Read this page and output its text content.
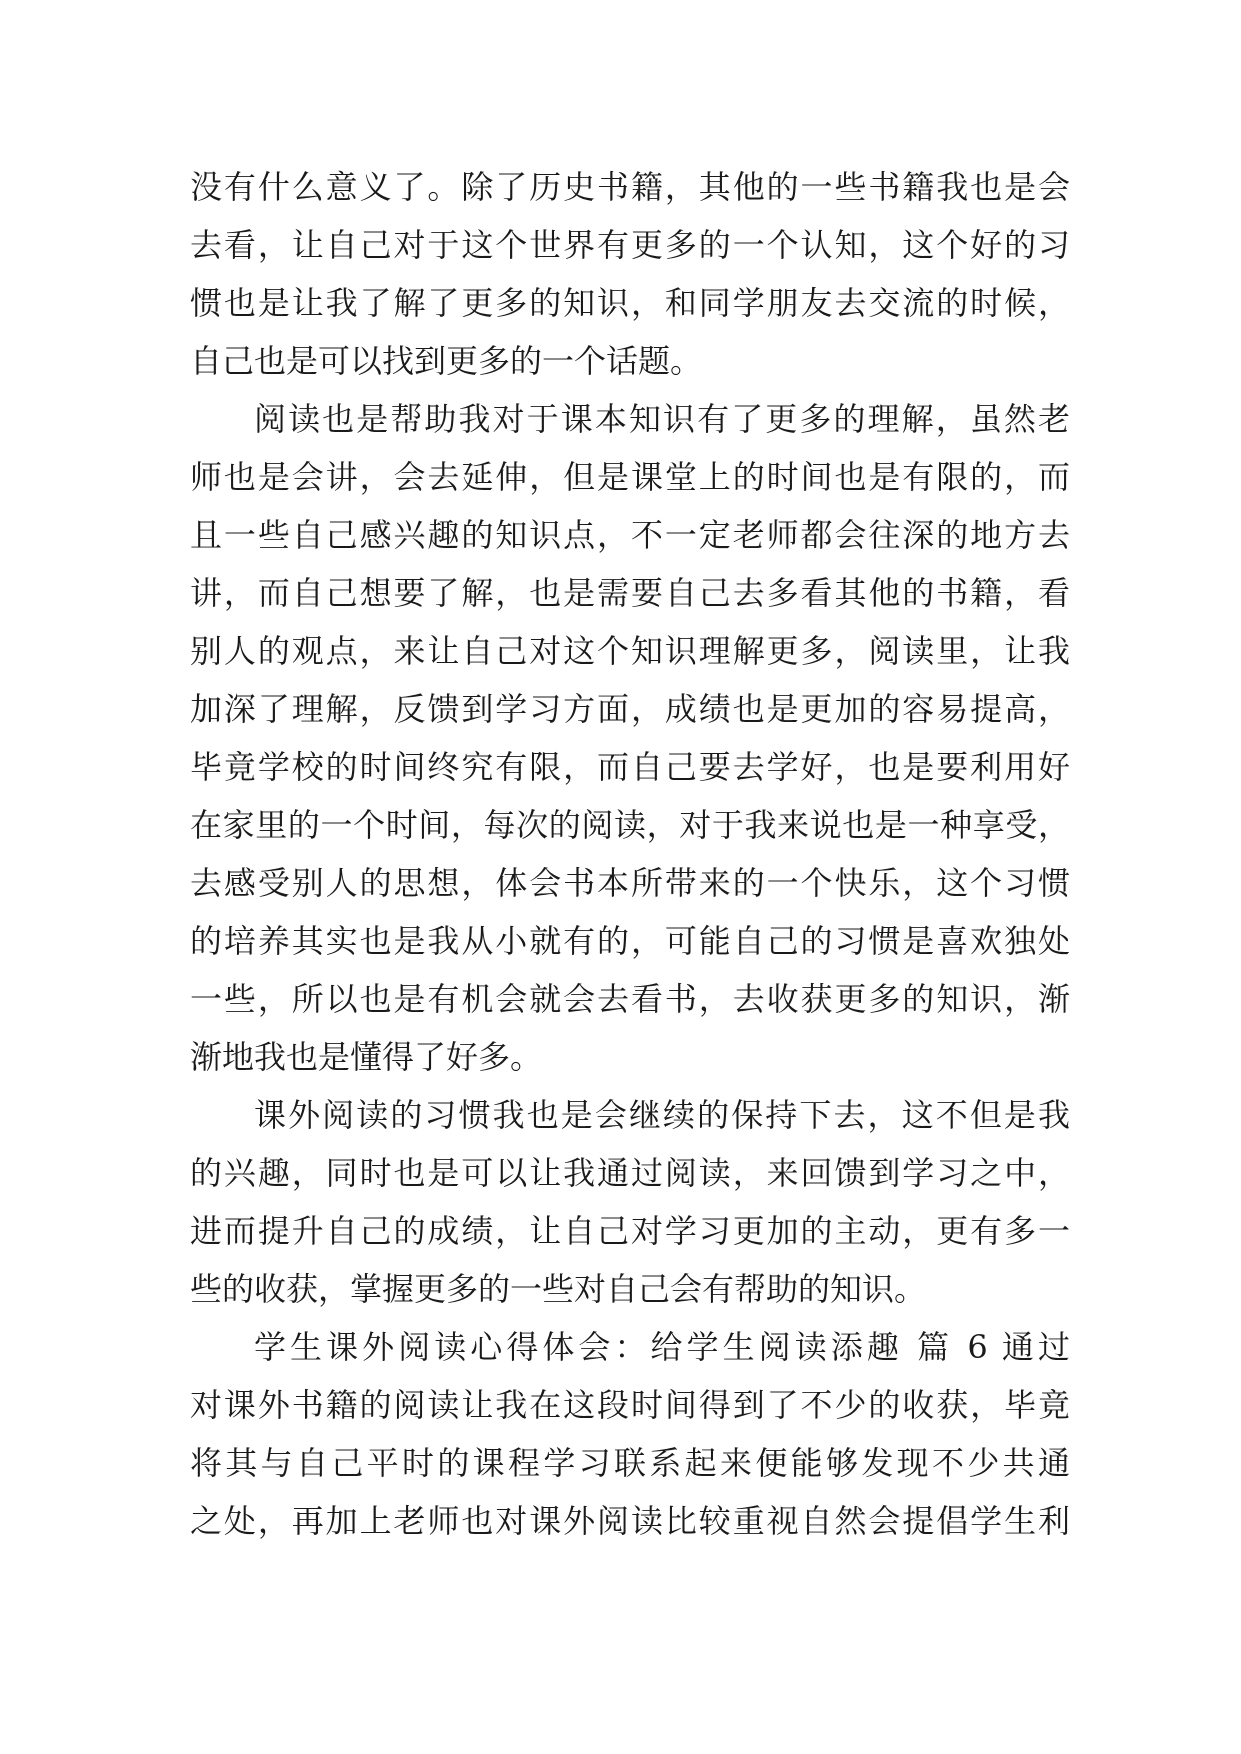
没有什么意义了。除了历史书籍，其他的一些书籍我也是会
去看，让自己对于这个世界有更多的一个认知，这个好的习
惯也是让我了解了更多的知识，和同学朋友去交流的时候，
自己也是可以找到更多的一个话题。
阅读也是帮助我对于课本知识有了更多的理解，虽然老
师也是会讲，会去延伸，但是课堂上的时间也是有限的，而
且一些自己感兴趣的知识点，不一定老师都会往深的地方去
讲，而自己想要了解，也是需要自己去多看其他的书籍，看
别人的观点，来让自己对这个知识理解更多，阅读里，让我
加深了理解，反馈到学习方面，成绩也是更加的容易提高，
毕竟学校的时间终究有限，而自己要去学好，也是要利用好
在家里的一个时间，每次的阅读，对于我来说也是一种享受，
去感受别人的思想，体会书本所带来的一个快乐，这个习惯
的培养其实也是我从小就有的，可能自己的习惯是喜欢独处
一些，所以也是有机会就会去看书，去收获更多的知识，渐
渐地我也是懂得了好多。
课外阅读的习惯我也是会继续的保持下去，这不但是我
的兴趣，同时也是可以让我通过阅读，来回馈到学习之中，
进而提升自己的成绩，让自己对学习更加的主动，更有多一
些的收获，掌握更多的一些对自己会有帮助的知识。
学生课外阅读心得体会：给学生阅读添趣 篇 6 通过
对课外书籍的阅读让我在这段时间得到了不少的收获，毕竟
将其与自己平时的课程学习联系起来便能够发现不少共通
之处，再加上老师也对课外阅读比较重视自然会提倡学生利
